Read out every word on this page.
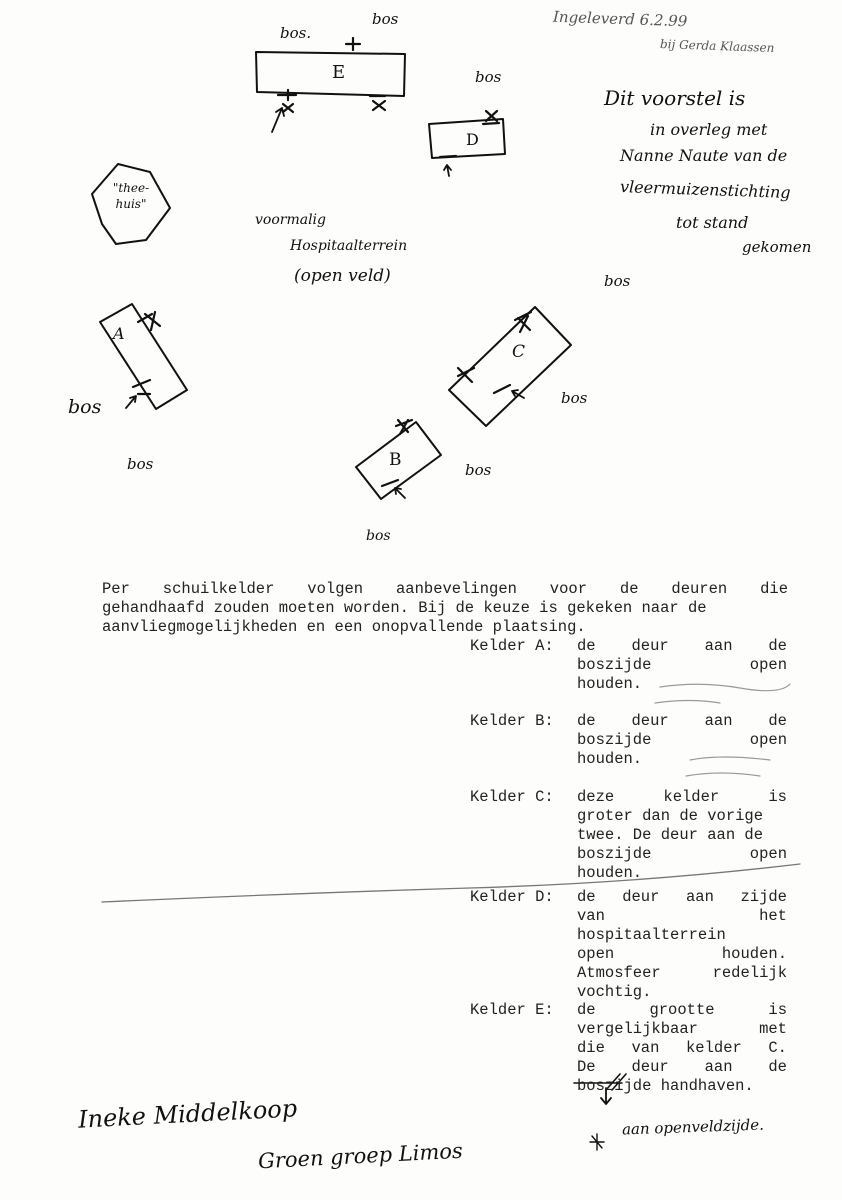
Ingeleverd 6.2.99
bij Gerda Klaassen
Dit voorstel is
in overleg met
Nanne Naute van de
vleermuizenstichting
tot stand
gekomen
E
D
A
C
B
bos.
bos
bos
bos
bos
bos
bos
bos
bos
"thee-huis"
voormalig
Hospitaalterrein
(open veld)
Per schuilkelder volgen aanbevelingen voor de deuren die
gehandhaafd zouden moeten worden. Bij de keuze is gekeken naar de
aanvliegmogelijkheden en een onopvallende plaatsing.
Kelder A:	de deur aan de
boszijde open
houden.
Kelder B:	de deur aan de
boszijde open
houden.
Kelder C:	deze kelder is
groter dan de vorige
twee. De deur aan de
boszijde open
houden.
Kelder D:	de deur aan zijde
van het
hospitaalterrein
open houden.
Atmosfeer redelijk
vochtig.
Kelder E:	de grootte is
vergelijkbaar met
die van kelder C.
De deur aan de
boszijde handhaven.
aan openveldzijde.
Ineke Middelkoop
Groen groep Limos
